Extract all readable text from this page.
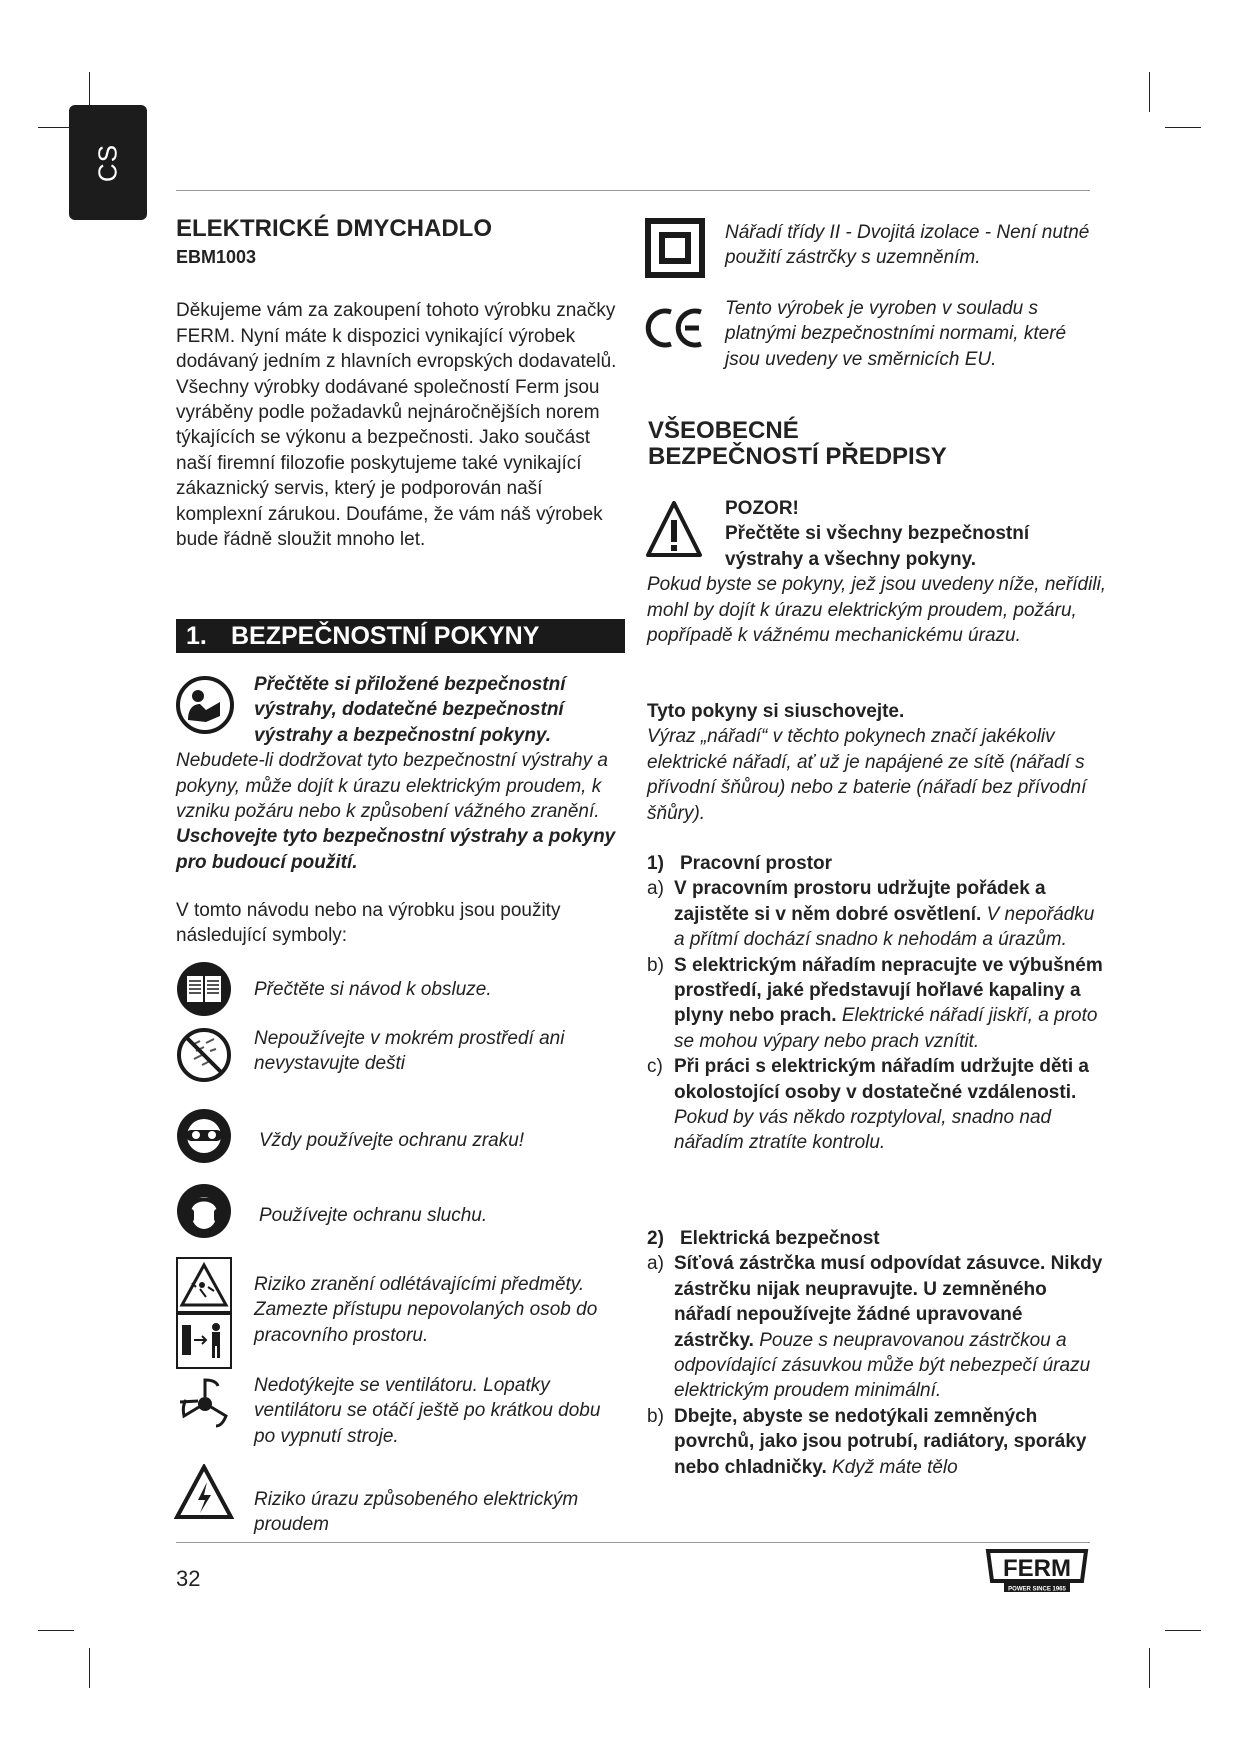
CS
ELEKTRICKÉ DMYCHADLO
EBM1003

Děkujeme vám za zakoupení tohoto výrobku značky FERM. Nyní máte k dispozici vynikající výrobek dodávaný jedním z hlavních evropských dodavatelů. Všechny výrobky dodávané společností Ferm jsou vyráběny podle požadavků nejnáročnějších norem týkajících se výkonu a bezpečnosti. Jako součást naší firemní filozofie poskytujeme také vynikající zákaznický servis, který je podporován naší komplexní zárukou. Doufáme, že vám náš výrobek bude řádně sloužit mnoho let.

1. BEZPEČNOSTNÍ POKYNY

Přečtěte si přiložené bezpečnostní výstrahy, dodatečné bezpečnostní výstrahy a bezpečnostní pokyny.

Nebudete-li dodržovat tyto bezpečnostní výstrahy a pokyny, může dojít k úrazu elektrickým proudem, k vzniku požáru nebo k způsobení vážného zranění.

Uschovejte tyto bezpečnostní výstrahy a pokyny pro budoucí použití.

V tomto návodu nebo na výrobku jsou použity následující symboly:

Přečtěte si návod k obsluze.
Nepoužívejte v mokrém prostředí ani nevystavujte dešti
Vždy používejte ochranu zraku!
Používejte ochranu sluchu.
Riziko zranění odlétávajícími předměty. Zamezte přístupu nepovolaných osob do pracovního prostoru.
Nedotýkejte se ventilátoru. Lopatky ventilátoru se otáčí ještě po krátkou dobu po vypnutí stroje.
Riziko úrazu způsobeného elektrickým proudem
Nářadí třídy II - Dvojitá izolace - Není nutné použití zástrčky s uzemněním.
Tento výrobek je vyroben v souladu s platnými bezpečnostními normami, které jsou uvedeny ve směrnicích EU.
VŠEOBECNÉ BEZPEČNOSTÍ PŘEDPISY
POZOR!
Přečtěte si všechny bezpečnostní výstrahy a všechny pokyny.
Pokud byste se pokyny, jež jsou uvedeny níže, neřídili, mohl by dojít k úrazu elektrickým proudem, požáru, popřípadě k vážnému mechanickému úrazu.
Tyto pokyny si siuschovejte.
Výraz „nářadí“ v těchto pokynech značí jakékoliv elektrické nářadí, ať už je napájené ze sítě (nářadí s přívodní šňůrou) nebo z baterie (nářadí bez přívodní šňůry).
1) Pracovní prostor
a) V pracovním prostoru udržujte pořádek a zajistěte si v něm dobré osvětlení. V nepořádku a přítmí dochází snadno k nehodám a úrazům.
b) S elektrickým nářadím nepracujte ve výbušném prostředí, jaké představují hořlavé kapaliny a plyny nebo prach. Elektrické nářadí jiskří, a proto se mohou výpary nebo prach vznítit.
c) Při práci s elektrickým nářadím udržujte děti a okolostojící osoby v dostatečné vzdálenosti. Pokud by vás někdo rozptyloval, snadno nad nářadím ztratíte kontrolu.
2) Elektrická bezpečnost
a) Síťová zástrčka musí odpovídat zásuvce. Nikdy zástrčku nijak neupravujte. U zemněného nářadí nepoužívejte žádné upravované zástrčky. Pouze s neupravovanou zástrčkou a odpovídající zásuvkou může být nebezpečí úrazu elektrickým proudem minimální.
b) Dbejte, abyste se nedotýkali zemněných povrchů, jako jsou potrubí, radiátory, sporáky nebo chladničky. Když máte tělo
32	FERM
POWER SINCE 1965
